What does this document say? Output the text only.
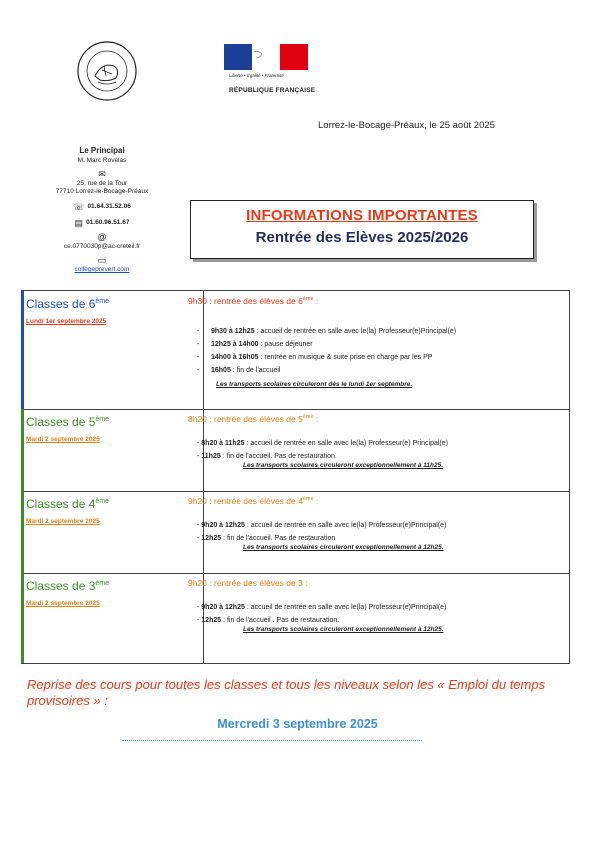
Liberté • Égalité • Fraternité
RÉPUBLIQUE FRANÇAISE
Lorrez-le-Bocage-Préaux, le 25 août 2025
Le Principal
M. Marc Rovélas
✉
25, rue de la Tour
77710 Lorrez-le-Bocage-Préaux
☏ 01.64.31.52.06
▤ 01.60.96.51.67
@
ce.0770030p@ac-creteil.fr
▭
collegeprevert.com
INFORMATIONS IMPORTANTES
Rentrée des Elèves 2025/2026
Classes de 6ème
Lundi 1er septembre 2025
9h30 : rentrée des élèves de 6ème :
-      9h30 à 12h25 : accueil de rentrée en salle avec le(la) Professeur(e)Principal(e)
-      12h25 à 14h00 : pause déjeuner
-      14h00 à 16h05 : rentrée en musique & suite prise en charge par les PP
-      16h05 : fin de l'accueil
Les transports scolaires circuleront dès le lundi 1er septembre.
Classes de 5ème
Mardi 2 septembre 2025
8h20 : rentrée des élèves de 5ème :
- 8h20 à 11h25 : accueil de rentrée en salle avec le(la) Professeur(e) Principal(e)
- 11h25 : fin de l'accueil. Pas de restauration.
Les transports scolaires circuleront exceptionnellement à 11h25.
Classes de 4ème
Mardi 2 septembre 2025
9h20 : rentrée des élèves de 4ème :
- 9h20 à 12h25 : accueil de rentrée en salle avec le(la) Professeur(e)Principal(e)
- 12h25 : fin de l'accueil. Pas de restauration
Les transports scolaires circuleront exceptionnellement à 12h25.
Classes de 3ème
Mardi 2 septembre 2025
9h20 : rentrée des élèves de 3 :
- 9h20 à 12h25 : accueil de rentrée en salle avec le(la) Professeur(e)Principal(e)
- 12h25 : fin de l'accueil . Pas de restauration.
Les transports scolaires circuleront exceptionnellement à 12h25.
Reprise des cours pour toutes les classes et tous les niveaux selon les « Emploi du temps provisoires » :
Mercredi 3 septembre 2025
